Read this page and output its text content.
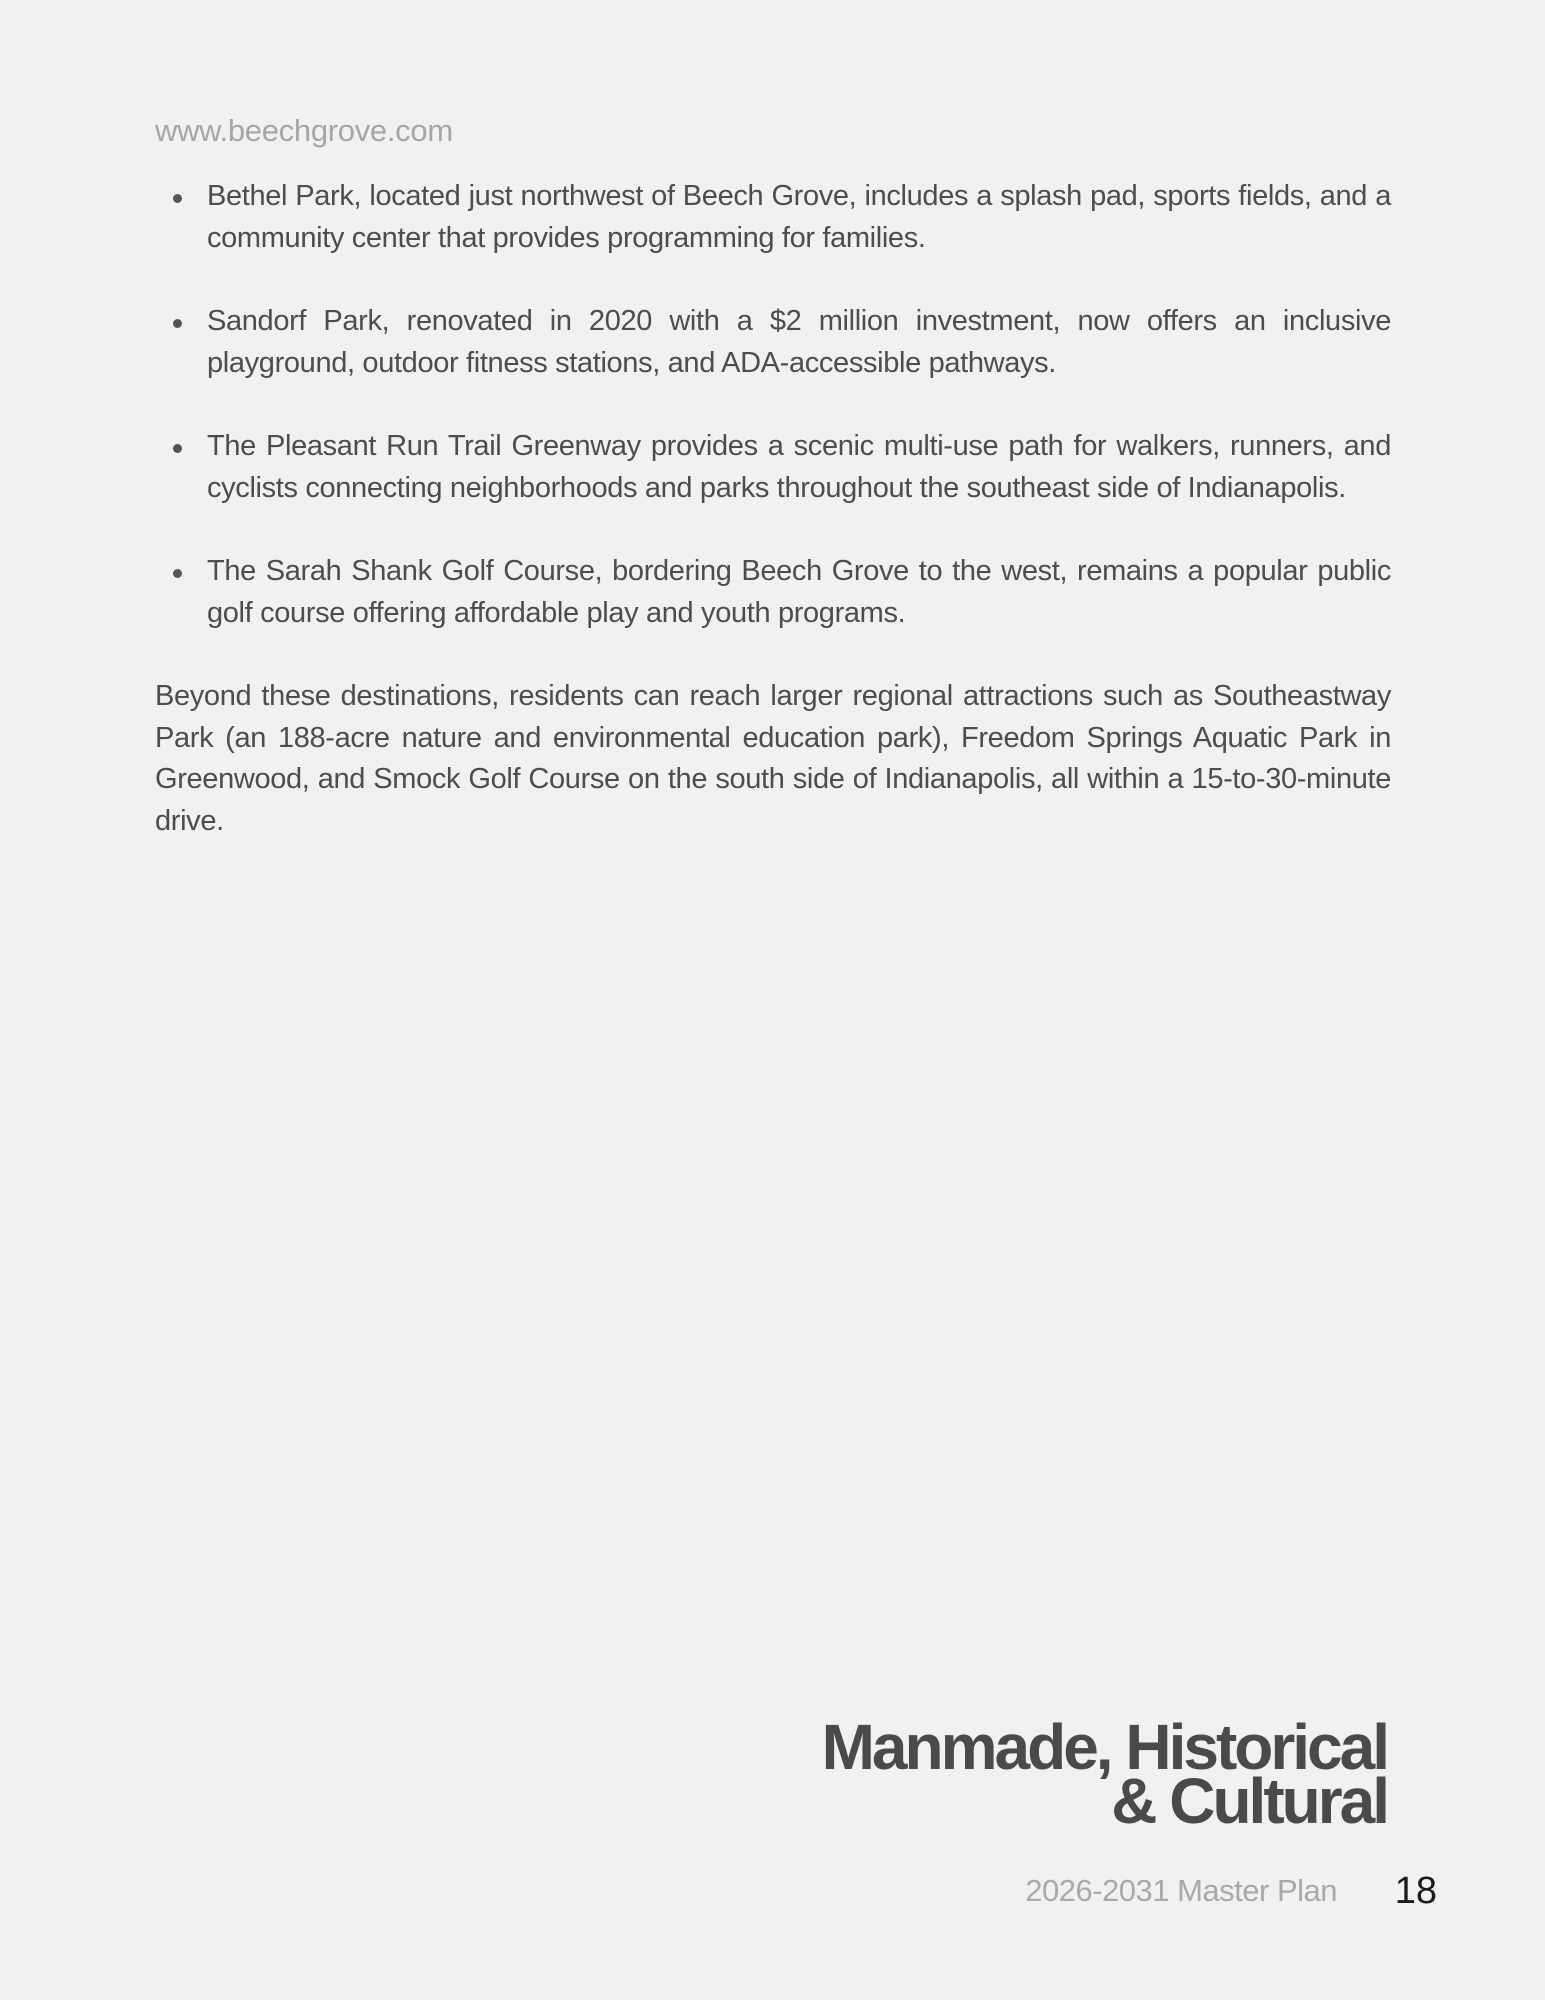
www.beechgrove.com
Bethel Park, located just northwest of Beech Grove, includes a splash pad, sports fields, and a community center that provides programming for families.
Sandorf Park, renovated in 2020 with a $2 million investment, now offers an inclusive playground, outdoor fitness stations, and ADA-accessible pathways.
The Pleasant Run Trail Greenway provides a scenic multi-use path for walkers, runners, and cyclists connecting neighborhoods and parks throughout the southeast side of Indianapolis.
The Sarah Shank Golf Course, bordering Beech Grove to the west, remains a popular public golf course offering affordable play and youth programs.

Beyond these destinations, residents can reach larger regional attractions such as Southeastway Park (an 188-acre nature and environmental education park), Freedom Springs Aquatic Park in Greenwood, and Smock Golf Course on the south side of Indianapolis, all within a 15-to-30-minute drive.

Manmade, Historical
& Cultural
2026-2031 Master Plan 18
